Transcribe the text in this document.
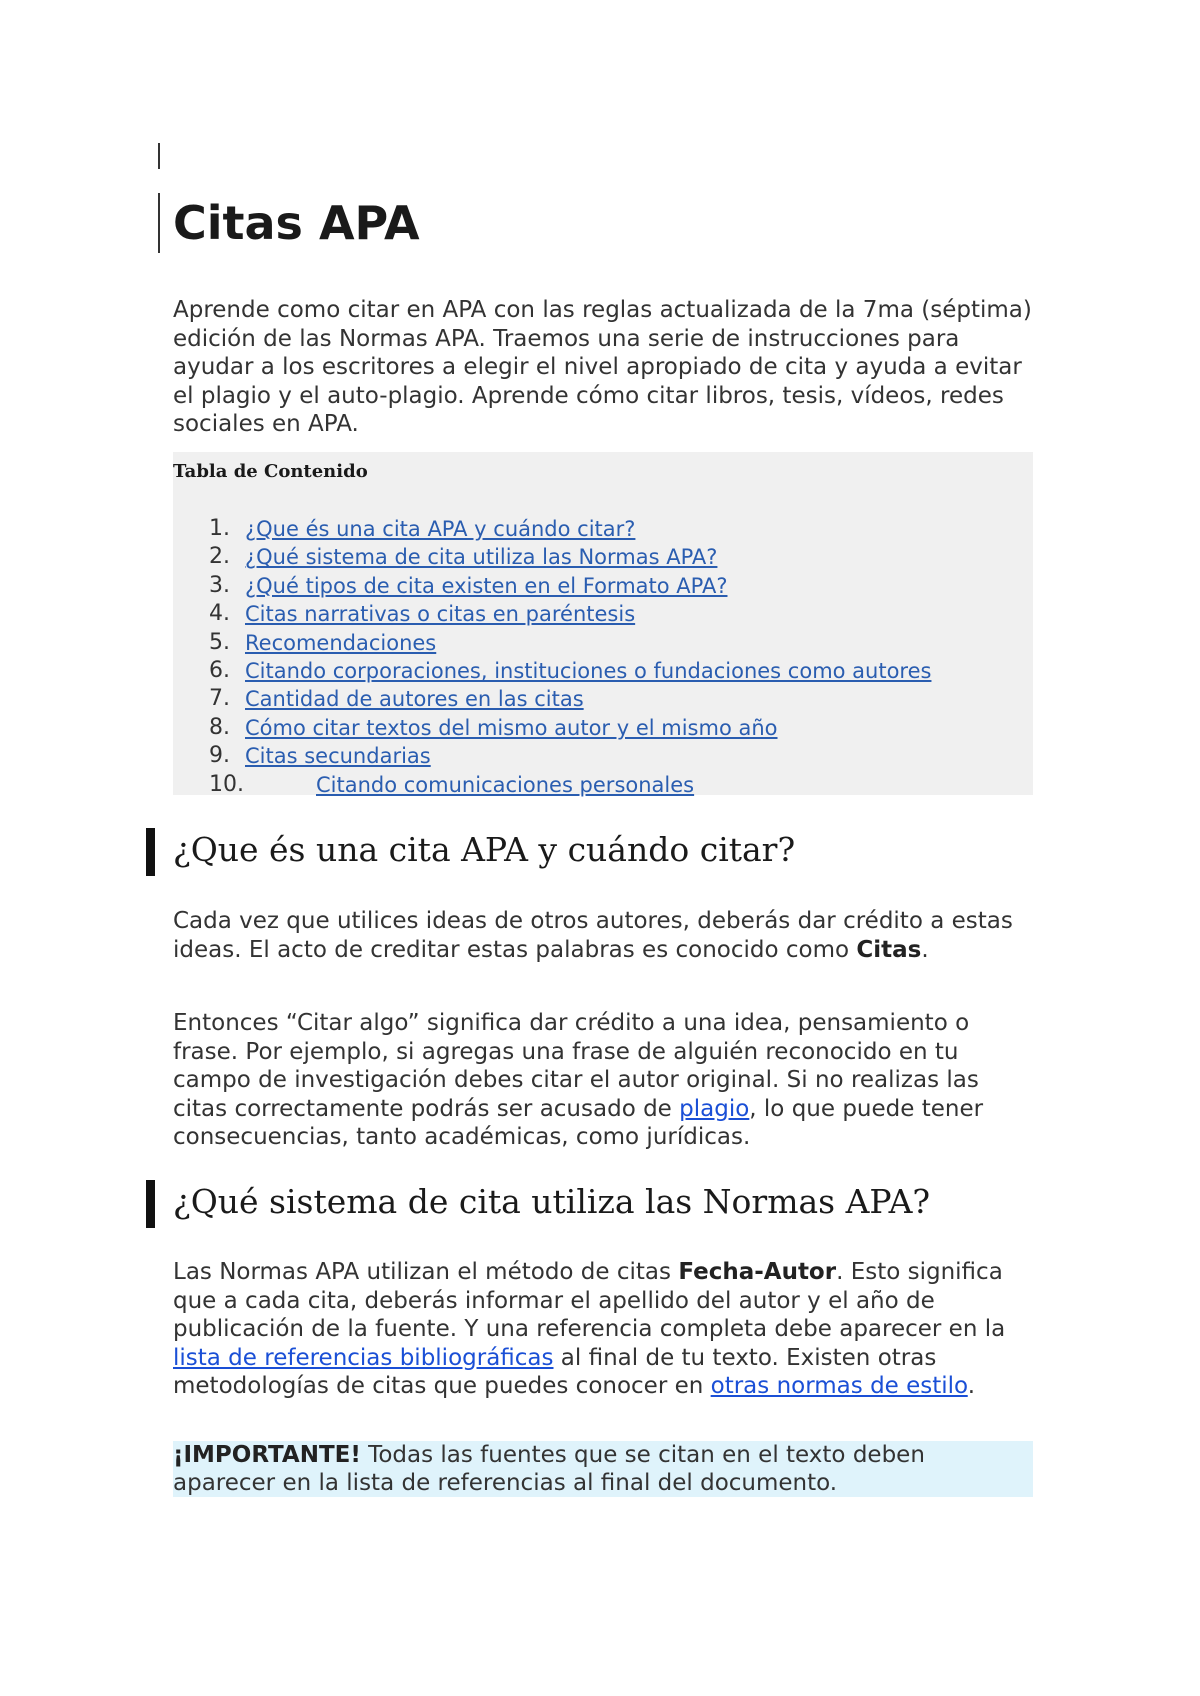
Citas APA

Aprende como citar en APA con las reglas actualizada de la 7ma (séptima) edición de las Normas APA. Traemos una serie de instrucciones para ayudar a los escritores a elegir el nivel apropiado de cita y ayuda a evitar el plagio y el auto-plagio. Aprende cómo citar libros, tesis, vídeos, redes sociales en APA.

Tabla de Contenido
1. ¿Que és una cita APA y cuándo citar?
2. ¿Qué sistema de cita utiliza las Normas APA?
3. ¿Qué tipos de cita existen en el Formato APA?
4. Citas narrativas o citas en paréntesis
5. Recomendaciones
6. Citando corporaciones, instituciones o fundaciones como autores
7. Cantidad de autores en las citas
8. Cómo citar textos del mismo autor y el mismo año
9. Citas secundarias
10.	Citando comunicaciones personales
¿Que és una cita APA y cuándo citar?

Cada vez que utilices ideas de otros autores, deberás dar crédito a estas ideas. El acto de creditar estas palabras es conocido como Citas.

Entonces “Citar algo” significa dar crédito a una idea, pensamiento o frase. Por ejemplo, si agregas una frase de alguién reconocido en tu campo de investigación debes citar el autor original. Si no realizas las citas correctamente podrás ser acusado de plagio, lo que puede tener consecuencias, tanto académicas, como jurídicas.

¿Qué sistema de cita utiliza las Normas APA?

Las Normas APA utilizan el método de citas Fecha-Autor. Esto significa que a cada cita, deberás informar el apellido del autor y el año de publicación de la fuente. Y una referencia completa debe aparecer en la lista de referencias bibliográficas al final de tu texto. Existen otras metodologías de citas que puedes conocer en otras normas de estilo.

¡IMPORTANTE! Todas las fuentes que se citan en el texto deben aparecer en la lista de referencias al final del documento.
